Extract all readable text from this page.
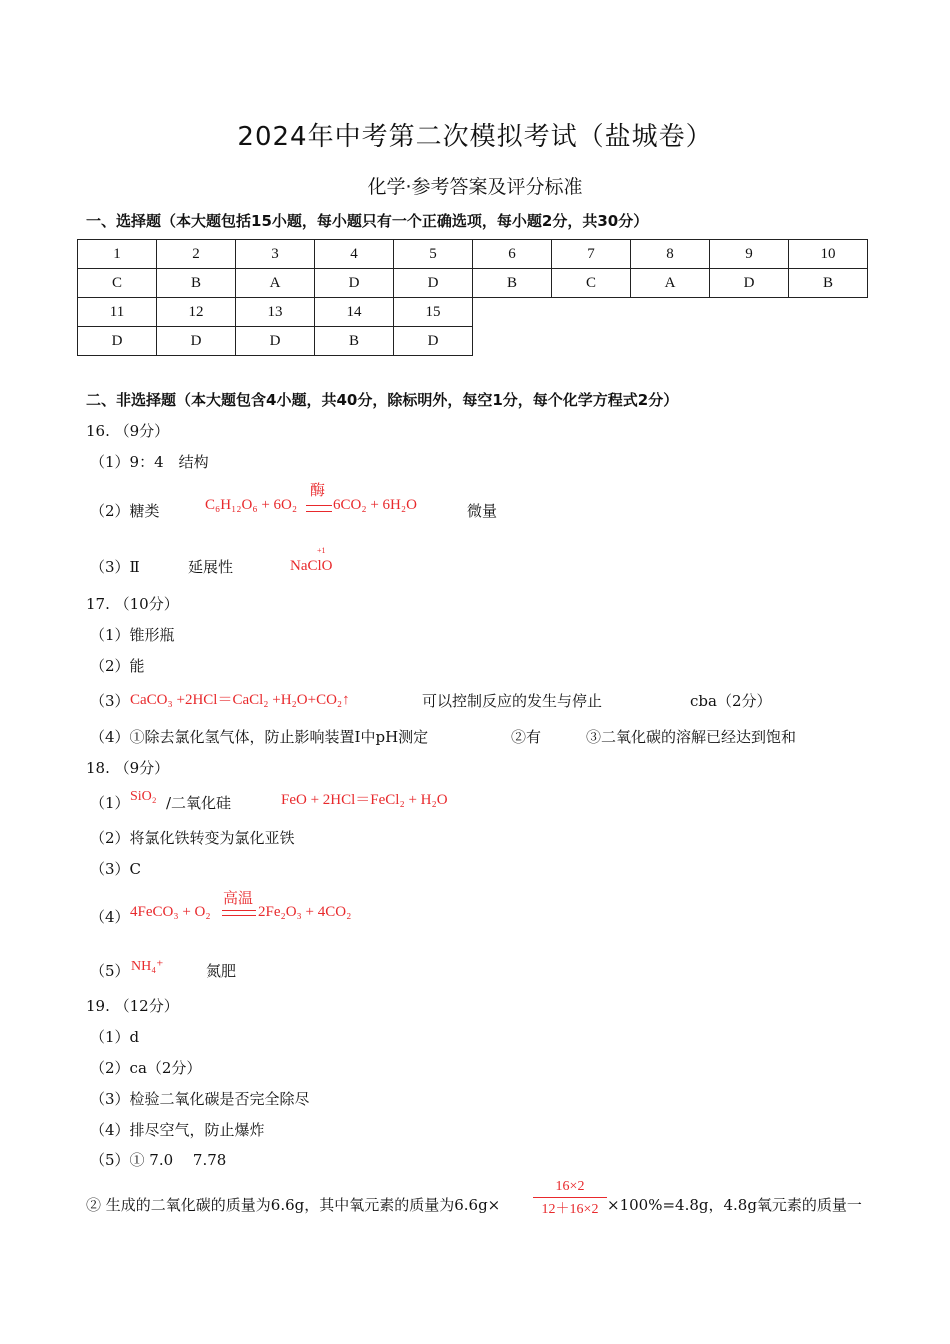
2024年中考第二次模拟考试（盐城卷）
化学·参考答案及评分标准
一、选择题（本大题包括15小题，每小题只有一个正确选项，每小题2分，共30分）
1	2	3	4	5	6	7	8	9	10
C	B	A	D	D	B	C	A	D	B
11	12	13	14	15					
D	D	D	B	D					
二、非选择题（本大题包含4小题，共40分，除标明外，每空1分，每个化学方程式2分）
16. （9分）
（1）9：4　结构
（2）糖类	C₆H₁₂O₆ + 6O₂
酶
6CO₂ + 6H₂O	微量
（3）Ⅱ	延展性
+1
NaClO
17. （10分）
（1）锥形瓶
（2）能
（3） CaCO₃ +2HCl＝CaCl₂ +H₂O+CO₂↑	可以控制反应的发生与停止	cba（2分）
（4）①除去氯化氢气体，防止影响装置Ⅰ中pH测定	②有	③二氧化碳的溶解已经达到饱和
18. （9分）
（1） SiO₂ /二氧化硅	FeO + 2HCl＝FeCl₂ + H₂O
（2）将氯化铁转变为氯化亚铁
（3）C
（4） 4FeCO₃ + O₂
高温
2Fe₂O₃ + 4CO₂
（5） NH₄⁺	氮肥
19. （12分）
（1）d
（2）ca（2分）
（3）检验二氧化碳是否完全除尽
（4）排尽空气，防止爆炸
（5）① 7.0　 7.78
② 生成的二氧化碳的质量为6.6g，其中氧元素的质量为$6.6g\times \frac{16\times 2}{12+16\times 2} \times 100\%=4.8g$，4.8g氧元素的质量一
